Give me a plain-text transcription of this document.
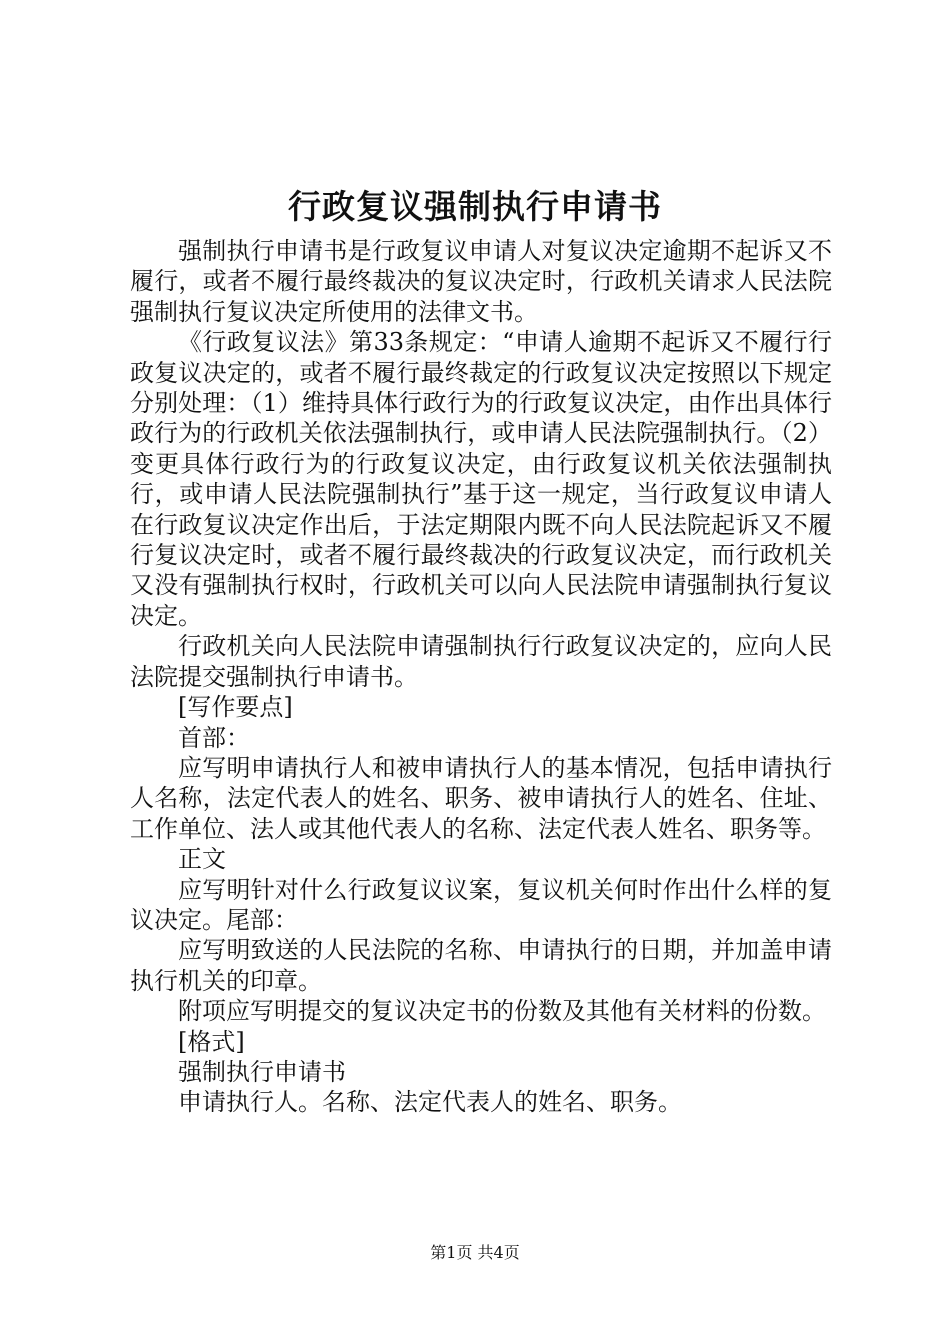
行政复议强制执行申请书

强制执行申请书是行政复议申请人对复议决定逾期不起诉又不履行，或者不履行最终裁决的复议决定时，行政机关请求人民法院强制执行复议决定所使用的法律文书。

《行政复议法》第33条规定：“申请人逾期不起诉又不履行行政复议决定的，或者不履行最终裁定的行政复议决定按照以下规定分别处理：（1）维持具体行政行为的行政复议决定，由作出具体行政行为的行政机关依法强制执行，或申请人民法院强制执行。（2）变更具体行政行为的行政复议决定，由行政复议机关依法强制执行，或申请人民法院强制执行”基于这一规定，当行政复议申请人在行政复议决定作出后，于法定期限内既不向人民法院起诉又不履行复议决定时，或者不履行最终裁决的行政复议决定，而行政机关又没有强制执行权时，行政机关可以向人民法院申请强制执行复议决定。

行政机关向人民法院申请强制执行行政复议决定的，应向人民法院提交强制执行申请书。

[写作要点]

首部：

应写明申请执行人和被申请执行人的基本情况，包括申请执行人名称，法定代表人的姓名、职务、被申请执行人的姓名、住址、工作单位、法人或其他代表人的名称、法定代表人姓名、职务等。

正文

应写明针对什么行政复议议案，复议机关何时作出什么样的复议决定。尾部：

应写明致送的人民法院的名称、申请执行的日期，并加盖申请执行机关的印章。

附项应写明提交的复议决定书的份数及其他有关材料的份数。

[格式]

强制执行申请书

申请执行人。名称、法定代表人的姓名、职务。

第1页 共4页
